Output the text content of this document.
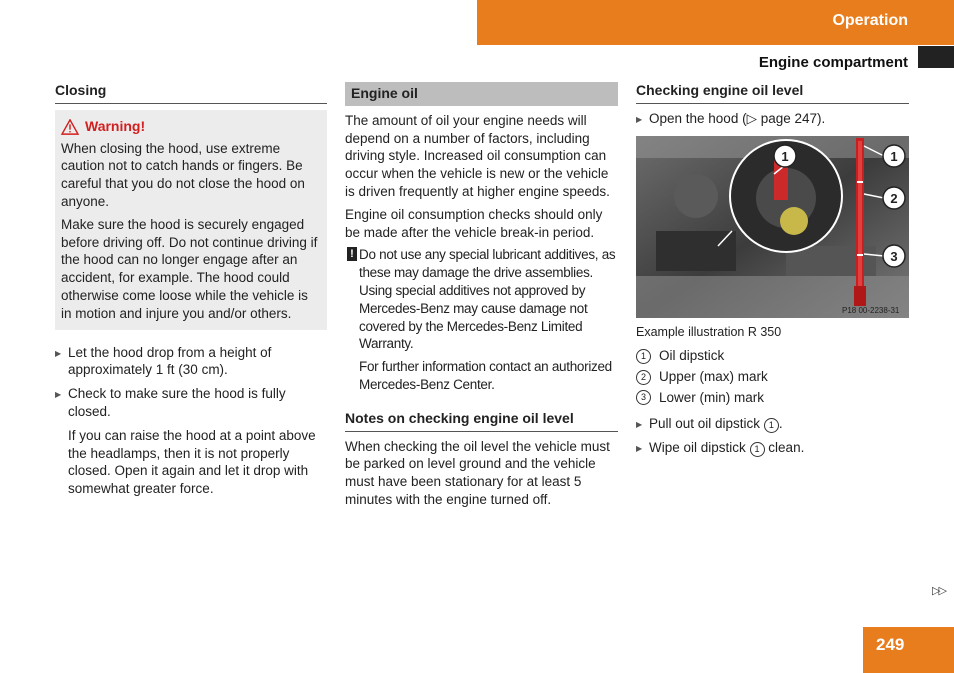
Operation
Engine compartment
Closing
Warning!

When closing the hood, use extreme caution not to catch hands or fingers. Be careful that you do not close the hood on anyone.

Make sure the hood is securely engaged before driving off. Do not continue driving if the hood can no longer engage after an accident, for example. The hood could otherwise come loose while the vehicle is in motion and injure you and/or others.

▶ Let the hood drop from a height of approximately 1 ft (30 cm).
▶ Check to make sure the hood is fully closed.
If you can raise the hood at a point above the headlamps, then it is not properly closed. Open it again and let it drop with somewhat greater force.
Engine oil

The amount of oil your engine needs will depend on a number of factors, including driving style. Increased oil consumption can occur when the vehicle is new or the vehicle is driven frequently at higher engine speeds.

Engine oil consumption checks should only be made after the vehicle break-in period.

! Do not use any special lubricant additives, as these may damage the drive assemblies. Using special additives not approved by Mercedes-Benz may cause damage not covered by the Mercedes-Benz Limited Warranty.

For further information contact an authorized Mercedes-Benz Center.

Notes on checking engine oil level

When checking the oil level the vehicle must be parked on level ground and the vehicle must have been stationary for at least 5 minutes with the engine turned off.

Checking engine oil level
▶ Open the hood (▷ page 247).
1	1
2
3
P18 00-2238-31
Example illustration R 350
1 Oil dipstick
2 Upper (max) mark
3 Lower (min) mark
▶ Pull out oil dipstick 1 .
▶ Wipe oil dipstick 1 clean.
▷▷
249
